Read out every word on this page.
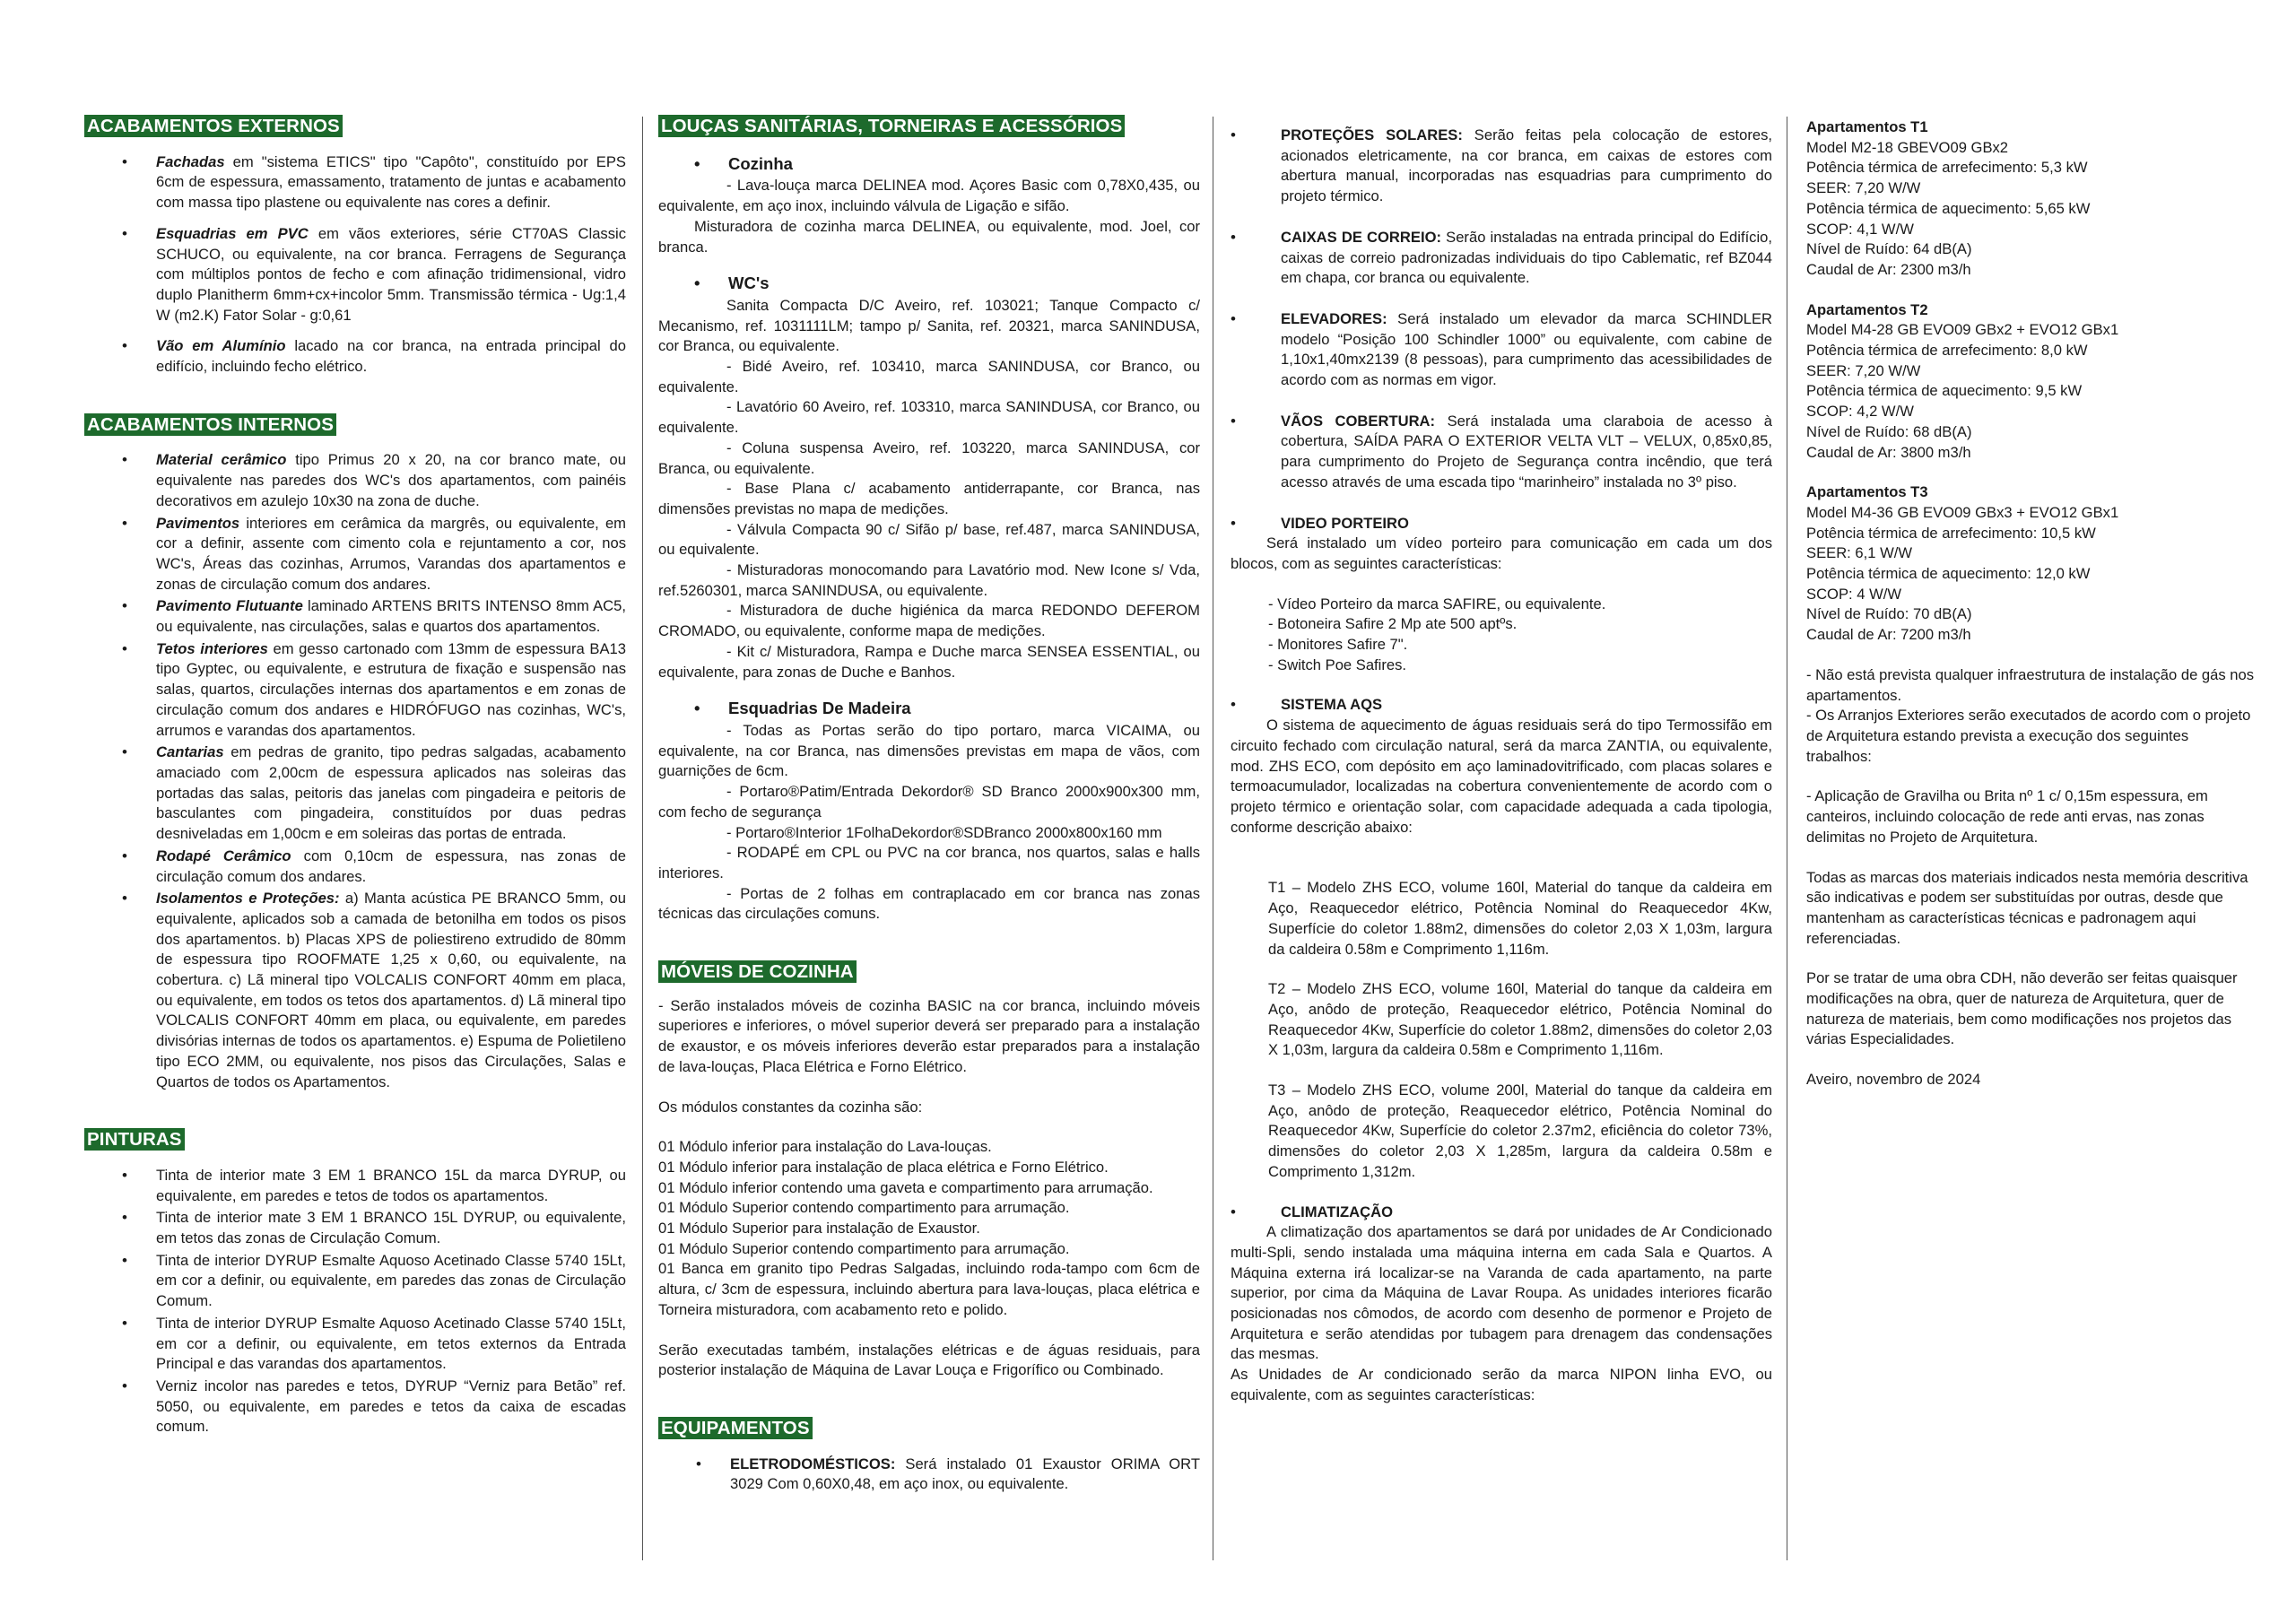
ACABAMENTOS EXTERNOS
• Fachadas em "sistema ETICS" tipo "Capôto", constituído por EPS 6cm de espessura, emassamento, tratamento de juntas e acabamento com massa tipo plastene ou equivalente nas cores a definir.
• Esquadrias em PVC em vãos exteriores, série CT70AS Classic SCHUCO, ou equivalente, na cor branca. Ferragens de Segurança com múltiplos pontos de fecho e com afinação tridimensional, vidro duplo Planitherm 6mm+cx+incolor 5mm. Transmissão térmica - Ug:1,4 W (m2.K) Fator Solar - g:0,61
• Vão em Alumínio lacado na cor branca, na entrada principal do edifício, incluindo fecho elétrico.
ACABAMENTOS INTERNOS
• Material cerâmico tipo Primus 20 x 20, na cor branco mate, ou equivalente nas paredes dos WC's dos apartamentos, com painéis decorativos em azulejo 10x30 na zona de duche.
• Pavimentos interiores em cerâmica da margrês, ou equivalente, em cor a definir, assente com cimento cola e rejuntamento a cor, nos WC's, Áreas das cozinhas, Arrumos, Varandas dos apartamentos e zonas de circulação comum dos andares.
• Pavimento Flutuante laminado ARTENS BRITS INTENSO 8mm AC5, ou equivalente, nas circulações, salas e quartos dos apartamentos.
• Tetos interiores em gesso cartonado com 13mm de espessura BA13 tipo Gyptec, ou equivalente, e estrutura de fixação e suspensão nas salas, quartos, circulações internas dos apartamentos e em zonas de circulação comum dos andares e HIDRÓFUGO nas cozinhas, WC's, arrumos e varandas dos apartamentos.
• Cantarias em pedras de granito, tipo pedras salgadas, acabamento amaciado com 2,00cm de espessura aplicados nas soleiras das portadas das salas, peitoris das janelas com pingadeira e peitoris de basculantes com pingadeira, constituídos por duas pedras desniveladas em 1,00cm e em soleiras das portas de entrada.
• Rodapé Cerâmico com 0,10cm de espessura, nas zonas de circulação comum dos andares.
• Isolamentos e Proteções: a) Manta acústica PE BRANCO 5mm, ou equivalente, aplicados sob a camada de betonilha em todos os pisos dos apartamentos. b) Placas XPS de poliestireno extrudido de 80mm de espessura tipo ROOFMATE 1,25 x 0,60, ou equivalente, na cobertura. c) Lã mineral tipo VOLCALIS CONFORT 40mm em placa, ou equivalente, em todos os tetos dos apartamentos. d) Lã mineral tipo VOLCALIS CONFORT 40mm em placa, ou equivalente, em paredes divisórias internas de todos os apartamentos. e) Espuma de Polietileno tipo ECO 2MM, ou equivalente, nos pisos das Circulações, Salas e Quartos de todos os Apartamentos.
PINTURAS
• Tinta de interior mate 3 EM 1 BRANCO 15L da marca DYRUP, ou equivalente, em paredes e tetos de todos os apartamentos.
• Tinta de interior mate 3 EM 1 BRANCO 15L DYRUP, ou equivalente, em tetos das zonas de Circulação Comum.
• Tinta de interior DYRUP Esmalte Aquoso Acetinado Classe 5740 15Lt, em cor a definir, ou equivalente, em paredes das zonas de Circulação Comum.
• Tinta de interior DYRUP Esmalte Aquoso Acetinado Classe 5740 15Lt, em cor a definir, ou equivalente, em tetos externos da Entrada Principal e das varandas dos apartamentos.
• Verniz incolor nas paredes e tetos, DYRUP “Verniz para Betão” ref. 5050, ou equivalente, em paredes e tetos da caixa de escadas comum.
LOUÇAS SANITÁRIAS, TORNEIRAS E ACESSÓRIOS
• Cozinha

- Lava-louça marca DELINEA mod. Açores Basic com 0,78X0,435, ou equivalente, em aço inox, incluindo válvula de Ligação e sifão.

Misturadora de cozinha marca DELINEA, ou equivalente, mod. Joel, cor branca.

• WC's

Sanita Compacta D/C Aveiro, ref. 103021; Tanque Compacto c/ Mecanismo, ref. 1031111LM; tampo p/ Sanita, ref. 20321, marca SANINDUSA, cor Branca, ou equivalente.

- Bidé Aveiro, ref. 103410, marca SANINDUSA, cor Branco, ou equivalente.

- Lavatório 60 Aveiro, ref. 103310, marca SANINDUSA, cor Branco, ou equivalente.

- Coluna suspensa Aveiro, ref. 103220, marca SANINDUSA, cor Branca, ou equivalente.

- Base Plana c/ acabamento antiderrapante, cor Branca, nas dimensões previstas no mapa de medições.

- Válvula Compacta 90 c/ Sifão p/ base, ref.487, marca SANINDUSA, ou equivalente.

- Misturadoras monocomando para Lavatório mod. New Icone s/ Vda, ref.5260301, marca SANINDUSA, ou equivalente.

- Misturadora de duche higiénica da marca REDONDO DEFEROM CROMADO, ou equivalente, conforme mapa de medições.

- Kit c/ Misturadora, Rampa e Duche marca SENSEA ESSENTIAL, ou equivalente, para zonas de Duche e Banhos.

• Esquadrias De Madeira

- Todas as Portas serão do tipo portaro, marca VICAIMA, ou equivalente, na cor Branca, nas dimensões previstas em mapa de vãos, com guarnições de 6cm.

- Portaro®Patim/Entrada Dekordor® SD Branco 2000x900x300 mm, com fecho de segurança

- Portaro®Interior 1FolhaDekordor®SDBranco 2000x800x160 mm

- RODAPÉ em CPL ou PVC na cor branca, nos quartos, salas e halls interiores.

- Portas de 2 folhas em contraplacado em cor branca nas zonas técnicas das circulações comuns.

MÓVEIS DE COZINHA

- Serão instalados móveis de cozinha BASIC na cor branca, incluindo móveis superiores e inferiores, o móvel superior deverá ser preparado para a instalação de exaustor, e os móveis inferiores deverão estar preparados para a instalação de lava-louças, Placa Elétrica e Forno Elétrico.

Os módulos constantes da cozinha são:

01 Módulo inferior para instalação do Lava-louças.

01 Módulo inferior para instalação de placa elétrica e Forno Elétrico.

01 Módulo inferior contendo uma gaveta e compartimento para arrumação.

01 Módulo Superior contendo compartimento para arrumação.

01 Módulo Superior para instalação de Exaustor.

01 Módulo Superior contendo compartimento para arrumação.

01 Banca em granito tipo Pedras Salgadas, incluindo roda-tampo com 6cm de altura, c/ 3cm de espessura, incluindo abertura para lava-louças, placa elétrica e Torneira misturadora, com acabamento reto e polido.

Serão executadas também, instalações elétricas e de águas residuais, para posterior instalação de Máquina de Lavar Louça e Frigorífico ou Combinado.

EQUIPAMENTOS
• ELETRODOMÉSTICOS: Será instalado 01 Exaustor ORIMA ORT 3029 Com 0,60X0,48, em aço inox, ou equivalente.
• PROTEÇÕES SOLARES: Serão feitas pela colocação de estores, acionados eletricamente, na cor branca, em caixas de estores com abertura manual, incorporadas nas esquadrias para cumprimento do projeto térmico.
• CAIXAS DE CORREIO: Serão instaladas na entrada principal do Edifício, caixas de correio padronizadas individuais do tipo Cablematic, ref BZ044 em chapa, cor branca ou equivalente.
• ELEVADORES: Será instalado um elevador da marca SCHINDLER modelo “Posição 100 Schindler 1000” ou equivalente, com cabine de 1,10x1,40mx2139 (8 pessoas), para cumprimento das acessibilidades de acordo com as normas em vigor.
• VÃOS COBERTURA: Será instalada uma claraboia de acesso à cobertura, SAÍDA PARA O EXTERIOR VELTA VLT – VELUX, 0,85x0,85, para cumprimento do Projeto de Segurança contra incêndio, que terá acesso através de uma escada tipo “marinheiro” instalada no 3º piso.
• VIDEO PORTEIRO

Será instalado um vídeo porteiro para comunicação em cada um dos blocos, com as seguintes características:

- Vídeo Porteiro da marca SAFIRE, ou equivalente.

- Botoneira Safire 2 Mp ate 500 aptºs.

- Monitores Safire 7".

- Switch Poe Safires.

• SISTEMA AQS

O sistema de aquecimento de águas residuais será do tipo Termossifão em circuito fechado com circulação natural, será da marca ZANTIA, ou equivalente, mod. ZHS ECO, com depósito em aço laminadovitrificado, com placas solares e termoacumulador, localizadas na cobertura convenientemente de acordo com o projeto térmico e orientação solar, com capacidade adequada a cada tipologia, conforme descrição abaixo:

T1 – Modelo ZHS ECO, volume 160l, Material do tanque da caldeira em Aço, Reaquecedor elétrico, Potência Nominal do Reaquecedor 4Kw, Superfície do coletor 1.88m2, dimensões do coletor 2,03 X 1,03m, largura da caldeira 0.58m e Comprimento 1,116m.

T2 – Modelo ZHS ECO, volume 160l, Material do tanque da caldeira em Aço, anôdo de proteção, Reaquecedor elétrico, Potência Nominal do Reaquecedor 4Kw, Superfície do coletor 1.88m2, dimensões do coletor 2,03 X 1,03m, largura da caldeira 0.58m e Comprimento 1,116m.

T3 – Modelo ZHS ECO, volume 200l, Material do tanque da caldeira em Aço, anôdo de proteção, Reaquecedor elétrico, Potência Nominal do Reaquecedor 4Kw, Superfície do coletor 2.37m2, eficiência do coletor 73%, dimensões do coletor 2,03 X 1,285m, largura da caldeira 0.58m e Comprimento 1,312m.

• CLIMATIZAÇÃO

A climatização dos apartamentos se dará por unidades de Ar Condicionado multi-Spli, sendo instalada uma máquina interna em cada Sala e Quartos. A Máquina externa irá localizar-se na Varanda de cada apartamento, na parte superior, por cima da Máquina de Lavar Roupa. As unidades interiores ficarão posicionadas nos cômodos, de acordo com desenho de pormenor e Projeto de Arquitetura e serão atendidas por tubagem para drenagem das condensações das mesmas.

As Unidades de Ar condicionado serão da marca NIPON linha EVO, ou equivalente, com as seguintes características:

Apartamentos T1

Model M2-18 GBEVO09 GBx2

Potência térmica de arrefecimento: 5,3 kW

SEER: 7,20 W/W

Potência térmica de aquecimento: 5,65 kW

SCOP: 4,1 W/W

Nível de Ruído: 64 dB(A)

Caudal de Ar: 2300 m3/h

Apartamentos T2

Model M4-28 GB EVO09 GBx2 + EVO12 GBx1

Potência térmica de arrefecimento: 8,0 kW

SEER: 7,20 W/W

Potência térmica de aquecimento: 9,5 kW

SCOP: 4,2 W/W

Nível de Ruído: 68 dB(A)

Caudal de Ar: 3800 m3/h

Apartamentos T3

Model M4-36 GB EVO09 GBx3 + EVO12 GBx1

Potência térmica de arrefecimento: 10,5 kW

SEER: 6,1 W/W

Potência térmica de aquecimento: 12,0 kW

SCOP: 4 W/W

Nível de Ruído: 70 dB(A)

Caudal de Ar: 7200 m3/h

- Não está prevista qualquer infraestrutura de instalação de gás nos apartamentos.

- Os Arranjos Exteriores serão executados de acordo com o projeto de Arquitetura estando prevista a execução dos seguintes trabalhos:

- Aplicação de Gravilha ou Brita nº 1 c/ 0,15m espessura, em canteiros, incluindo colocação de rede anti ervas, nas zonas delimitas no Projeto de Arquitetura.

Todas as marcas dos materiais indicados nesta memória descritiva são indicativas e podem ser substituídas por outras, desde que mantenham as características técnicas e padronagem aqui referenciadas.

Por se tratar de uma obra CDH, não deverão ser feitas quaisquer modificações na obra, quer de natureza de Arquitetura, quer de natureza de materiais, bem como modificações nos projetos das várias Especialidades.

Aveiro, novembro de 2024
